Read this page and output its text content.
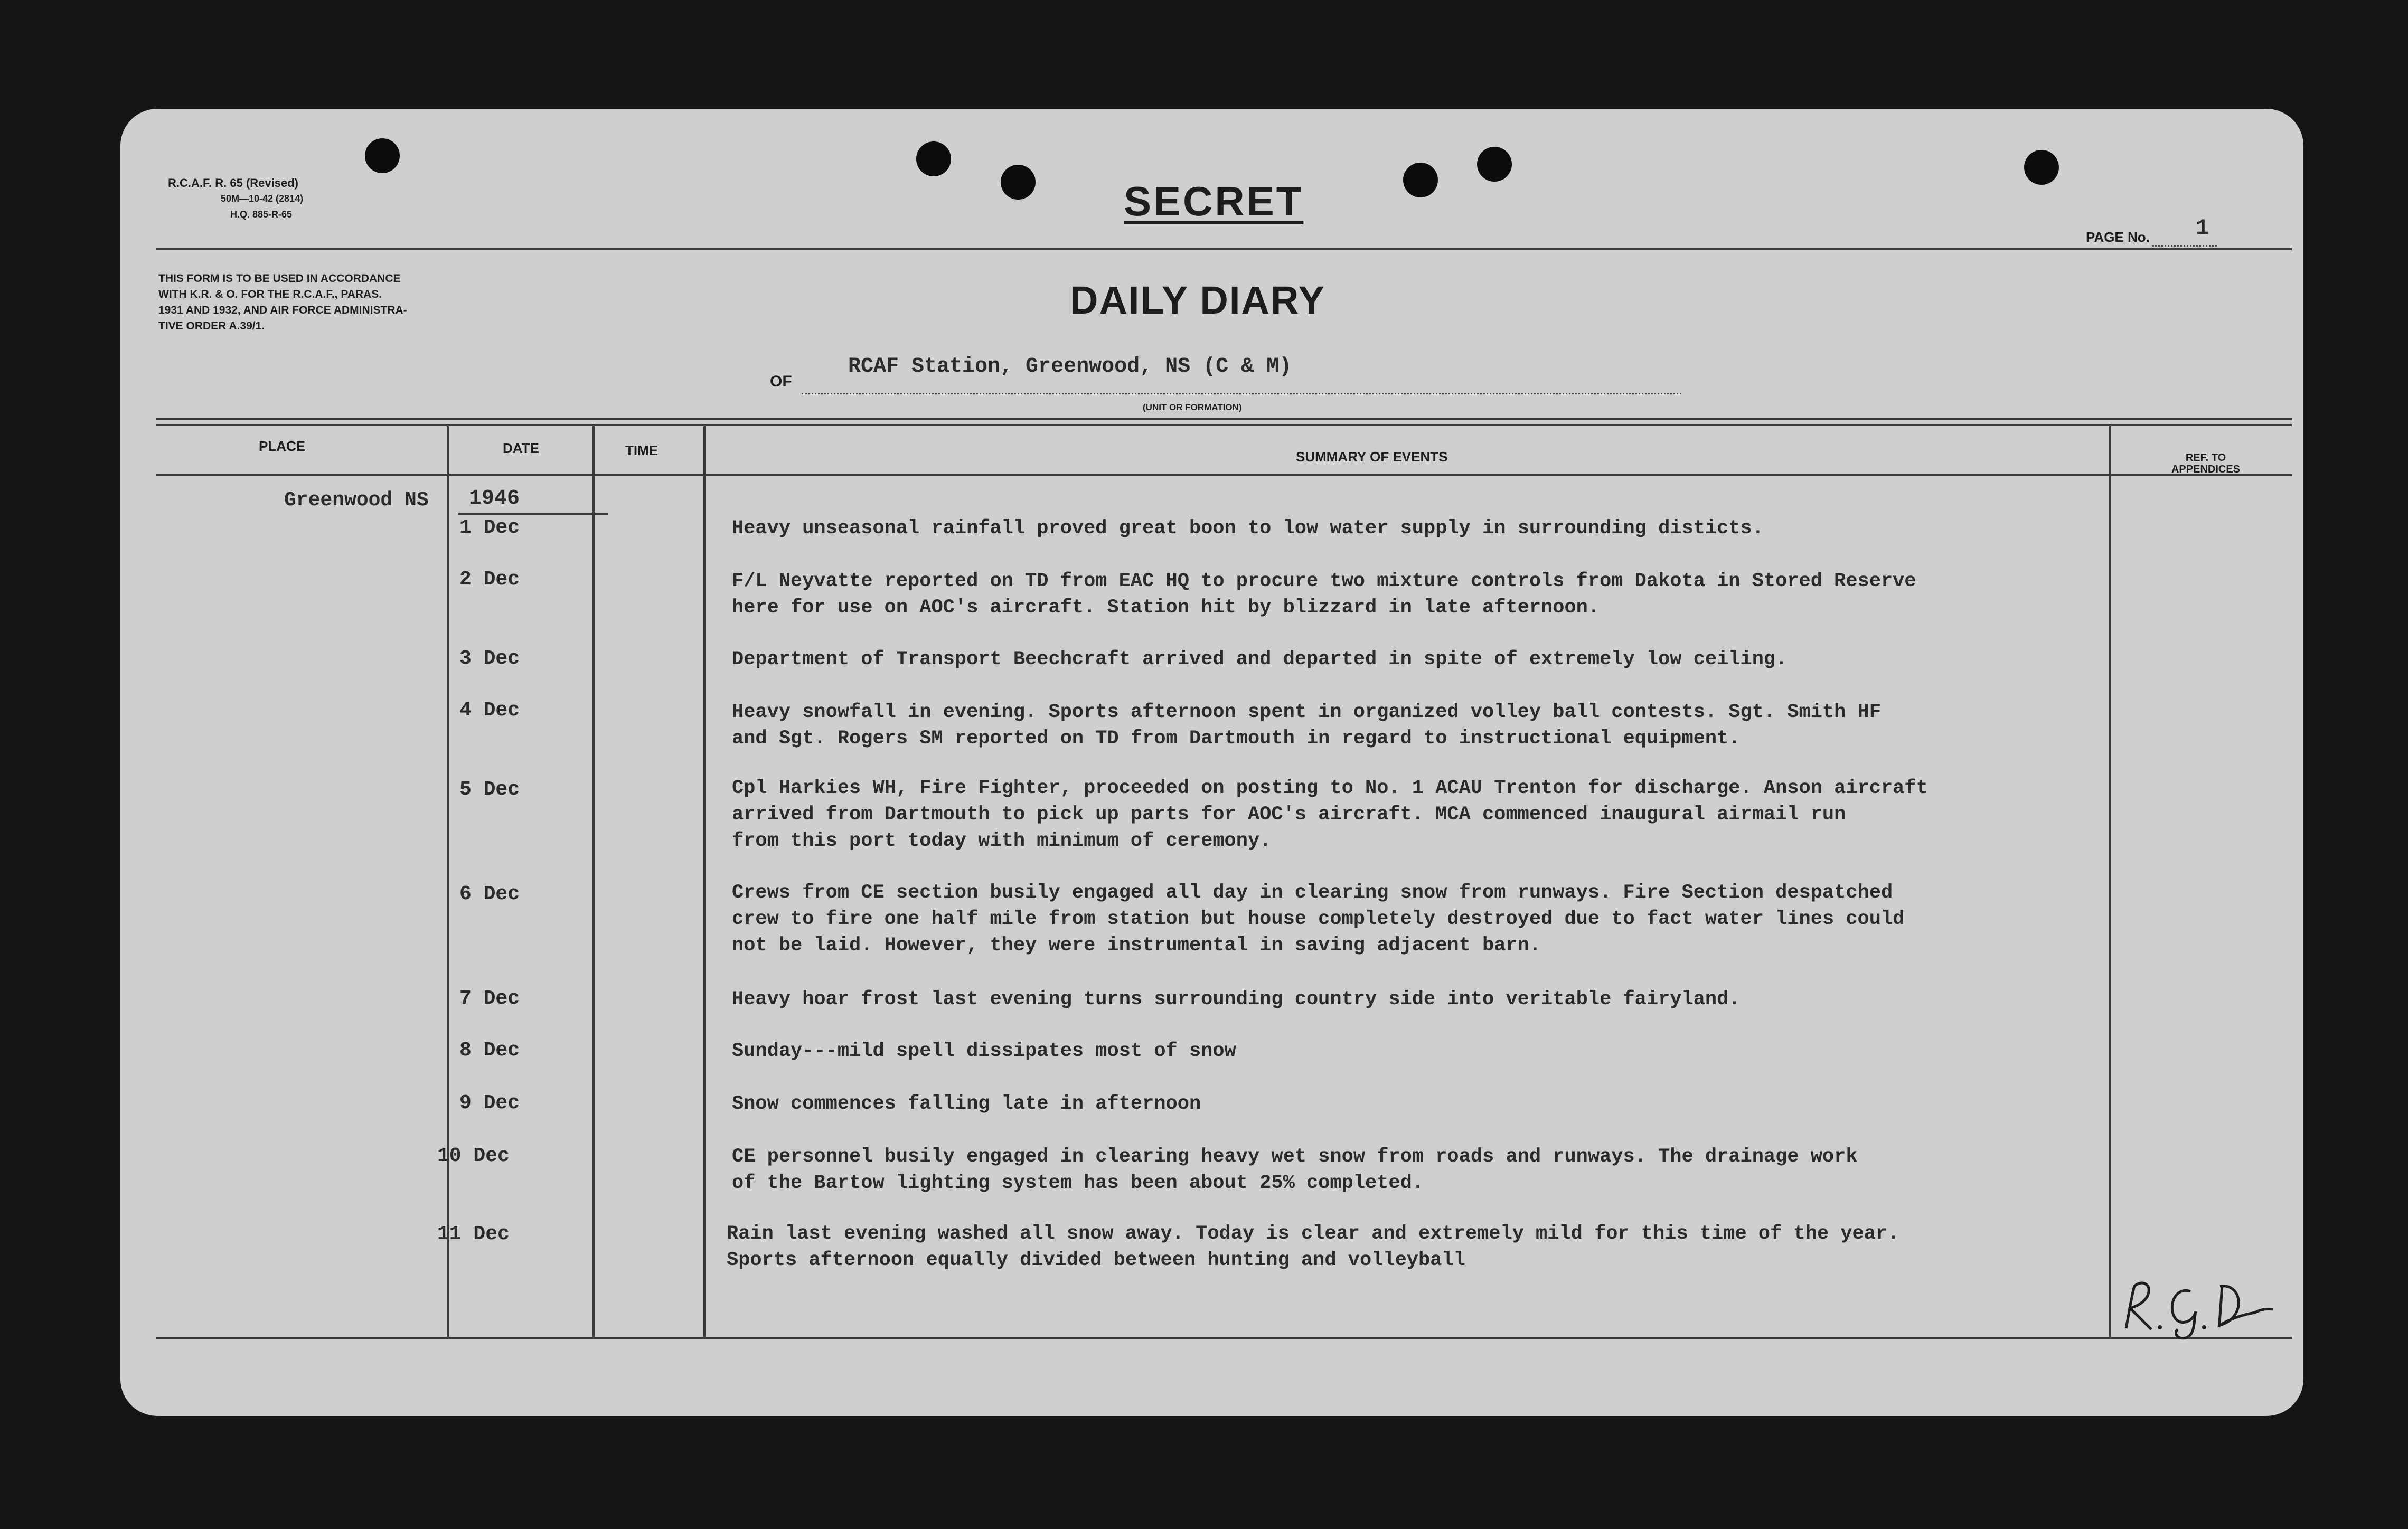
R.C.A.F. R. 65 (Revised)
50M—10-42 (2814)
H.Q. 885-R-65	SECRET
PAGE No. 1
THIS FORM IS TO BE USED IN ACCORDANCE
WITH K.R. & O. FOR THE R.C.A.F., PARAS.
1931 AND 1932, AND AIR FORCE ADMINISTRA-
TIVE ORDER A.39/1.
DAILY DIARY
OF
RCAF Station, Greenwood, NS (C & M)
(UNIT OR FORMATION)
PLACE	DATE	TIME	SUMMARY OF EVENTS	REF. TO APPENDICES
Greenwood NS 1946
1 Dec	Heavy unseasonal rainfall proved great boon to low water supply in surrounding disticts.
2 Dec	F/L Neyvatte reported on TD from EAC HQ to procure two mixture controls from Dakota in Stored Reserve
here for use on AOC's aircraft. Station hit by blizzard in late afternoon.
3 Dec	Department of Transport Beechcraft arrived and departed in spite of extremely low ceiling.
4 Dec	Heavy snowfall in evening. Sports afternoon spent in organized volley ball contests. Sgt. Smith HF
and Sgt. Rogers SM reported on TD from Dartmouth in regard to instructional equipment.
5 Dec	Cpl Harkies WH, Fire Fighter, proceeded on posting to No. 1 ACAU Trenton for discharge. Anson aircraft
arrived from Dartmouth to pick up parts for AOC's aircraft. MCA commenced inaugural airmail run
from this port today with minimum of ceremony.
6 Dec	Crews from CE section busily engaged all day in clearing snow from runways. Fire Section despatched
crew to fire one half mile from station but house completely destroyed due to fact water lines could
not be laid. However, they were instrumental in saving adjacent barn.
7 Dec	Heavy hoar frost last evening turns surrounding country side into veritable fairyland.
8 Dec	Sunday---mild spell dissipates most of snow
9 Dec	Snow commences falling late in afternoon
10 Dec	CE personnel busily engaged in clearing heavy wet snow from roads and runways. The drainage work
of the Bartow lighting system has been about 25% completed.
11 Dec	Rain last evening washed all snow away. Today is clear and extremely mild for this time of the year.
Sports afternoon equally divided between hunting and volleyball
